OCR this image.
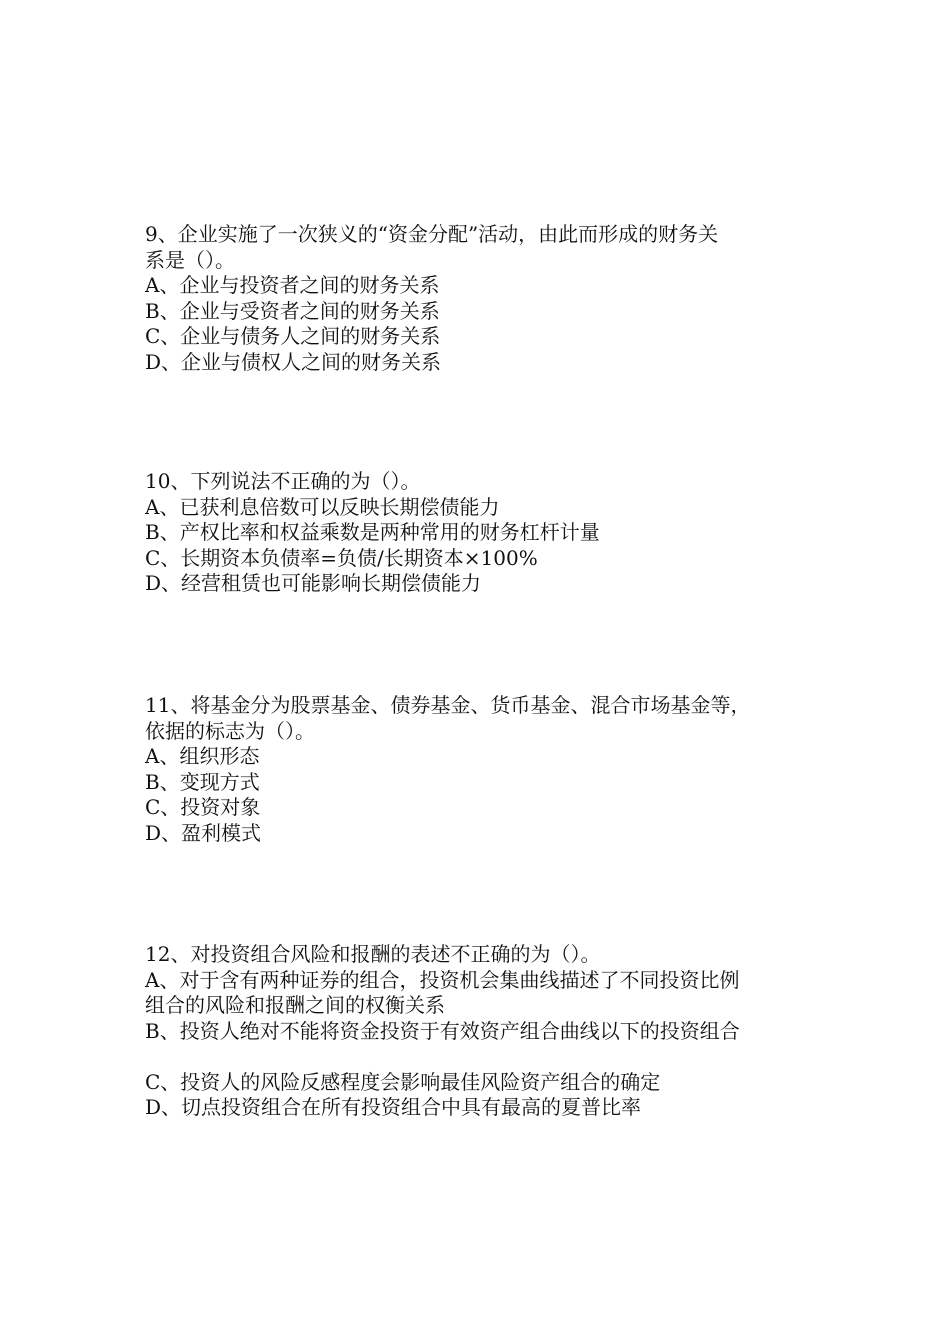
9、企业实施了一次狭义的“资金分配”活动，由此而形成的财务关
系是（）。
A、企业与投资者之间的财务关系
B、企业与受资者之间的财务关系
C、企业与债务人之间的财务关系
D、企业与债权人之间的财务关系
10、下列说法不正确的为（）。
A、已获利息倍数可以反映长期偿债能力
B、产权比率和权益乘数是两种常用的财务杠杆计量
C、长期资本负债率=负债/长期资本×100%
D、经营租赁也可能影响长期偿债能力
11、将基金分为股票基金、债券基金、货币基金、混合市场基金等，
依据的标志为（）。
A、组织形态
B、变现方式
C、投资对象
D、盈利模式
12、对投资组合风险和报酬的表述不正确的为（）。
A、对于含有两种证券的组合，投资机会集曲线描述了不同投资比例
组合的风险和报酬之间的权衡关系
B、投资人绝对不能将资金投资于有效资产组合曲线以下的投资组合
C、投资人的风险反感程度会影响最佳风险资产组合的确定
D、切点投资组合在所有投资组合中具有最高的夏普比率
